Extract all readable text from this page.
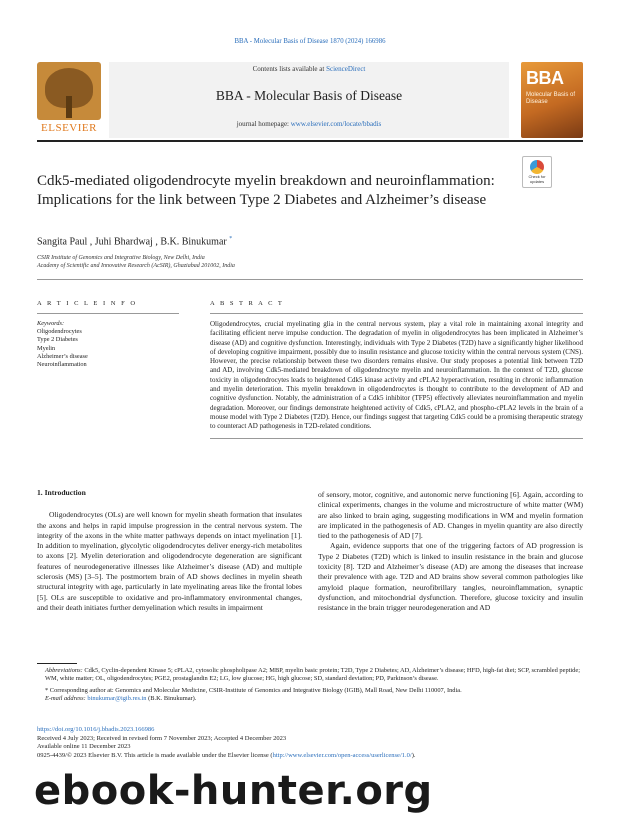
BBA - Molecular Basis of Disease 1870 (2024) 166986
ELSEVIER
Contents lists available at ScienceDirect
BBA - Molecular Basis of Disease
journal homepage: www.elsevier.com/locate/bbadis
BBA
Molecular Basis of Disease
Cdk5-mediated oligodendrocyte myelin breakdown and neuroinflammation: Implications for the link between Type 2 Diabetes and Alzheimer’s disease
Check for updates
Sangita Paul , Juhi Bhardwaj , B.K. Binukumar *
CSIR Institute of Genomics and Integrative Biology, New Delhi, India
Academy of Scientific and Innovative Research (AcSIR), Ghaziabad 201002, India
A R T I C L E I N F O	A B S T R A C T
Keywords:
Oligodendrocytes
Type 2 Diabetes
Myelin
Alzheimer’s disease
Neuroinflammation
Oligodendrocytes, crucial myelinating glia in the central nervous system, play a vital role in maintaining axonal integrity and facilitating efficient nerve impulse conduction. The degradation of myelin in oligodendrocytes has been implicated in Alzheimer’s disease (AD) and cognitive dysfunction. Interestingly, individuals with Type 2 Diabetes (T2D) have a significantly higher likelihood of developing cognitive impairment, possibly due to insulin resistance and glucose toxicity within the central nervous system (CNS). However, the precise relationship between these two disorders remains elusive. Our study proposes a potential link between T2D and AD, involving Cdk5-mediated breakdown of oligodendrocyte myelin and neuroinflammation. In the context of T2D, glucose toxicity in oligodendrocytes leads to heightened Cdk5 kinase activity and cPLA2 hyperactivation, resulting in chronic inflammation and myelin deterioration. This myelin breakdown in oligodendrocytes is thought to contribute to the development of AD and cognitive dysfunction. Notably, the administration of a Cdk5 inhibitor (TFP5) effectively alleviates neuroinflammation and myelin degradation. Moreover, our findings demonstrate heightened activity of Cdk5, cPLA2, and phospho-cPLA2 levels in the brain of a mouse model with Type 2 Diabetes (T2D). Hence, our findings suggest that targeting Cdk5 could be a promising therapeutic strategy to counteract AD pathogenesis in T2D-related conditions.
1. Introduction

Oligodendrocytes (OLs) are well known for myelin sheath formation that insulates the axons and helps in rapid impulse progression in the central nervous system. The integrity of the axons in the white matter pathways depends on intact myelination [1]. In addition to myelination, glycolytic oligodendrocytes deliver energy-rich metabolites to axons [2]. Myelin deterioration and oligodendrocyte degeneration are significant features of neurodegenerative illnesses like Alzheimer’s disease (AD) and multiple sclerosis (MS) [3–5]. The postmortem brain of AD shows declines in myelin sheath structural integrity with age, particularly in late myelinating areas like the frontal lobes [5]. OLs are susceptible to oxidative and pro-inflammatory environmental changes, and their death initiates further demyelination which results in impairment

of sensory, motor, cognitive, and autonomic nerve functioning [6]. Again, according to clinical experiments, changes in the volume and microstructure of white matter (WM) are also linked to brain aging, suggesting modifications in WM and myelin formation are implicated in the pathogenesis of AD. Changes in myelin quantity are also directly tied to the pathogenesis of AD [7].

Again, evidence supports that one of the triggering factors of AD progression is Type 2 Diabetes (T2D) which is linked to insulin resistance in the brain and glucose toxicity [8]. T2D and Alzheimer’s disease (AD) are among the diseases that increase their prevalence with age. T2D and AD brains show several common pathologies like amyloid plaque formation, neurofibrillary tangles, neuroinflammation, synaptic dysfunction, and mitochondrial dysfunction. Therefore, glucose toxicity and insulin resistance in the brain trigger neurodegeneration and AD

Abbreviations: Cdk5, Cyclin-dependent Kinase 5; cPLA2, cytosolic phospholipase A2; MBP, myelin basic protein; T2D, Type 2 Diabetes; AD, Alzheimer’s disease; HFD, high-fat diet; SCP, scrambled peptide; WM, white matter; OL, oligodendrocytes; PGE2, prostaglandin E2; LG, low glucose; HG, high glucose; SD, standard deviation; PD, Parkinson’s disease.
* Corresponding author at: Genomics and Molecular Medicine, CSIR-Institute of Genomics and Integrative Biology (IGIB), Mall Road, New Delhi 110007, India.
E-mail address: binukumar@igib.res.in (B.K. Binukumar).
https://doi.org/10.1016/j.bbadis.2023.166986
Received 4 July 2023; Received in revised form 7 November 2023; Accepted 4 December 2023
Available online 11 December 2023
0925-4439/© 2023 Elsevier B.V. This article is made available under the Elsevier license (http://www.elsevier.com/open-access/userlicense/1.0/).
ebook-hunter.org
